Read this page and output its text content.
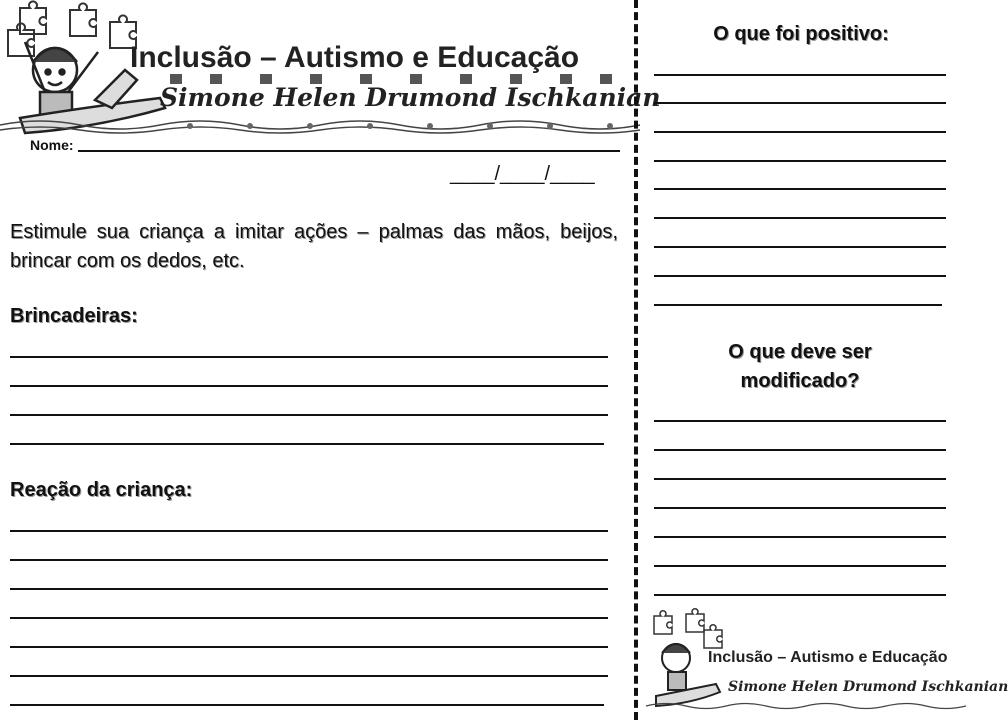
Inclusão – Autismo e Educação
Simone Helen Drumond Ischkanian
Nome:
____/____/____
Estimule sua criança a imitar ações – palmas das mãos, beijos, brincar com os dedos, etc.
Brincadeiras:
Reação da criança:
O que foi positivo:
O que deve ser modificado?
Inclusão – Autismo e Educação
Simone Helen Drumond Ischkanian
